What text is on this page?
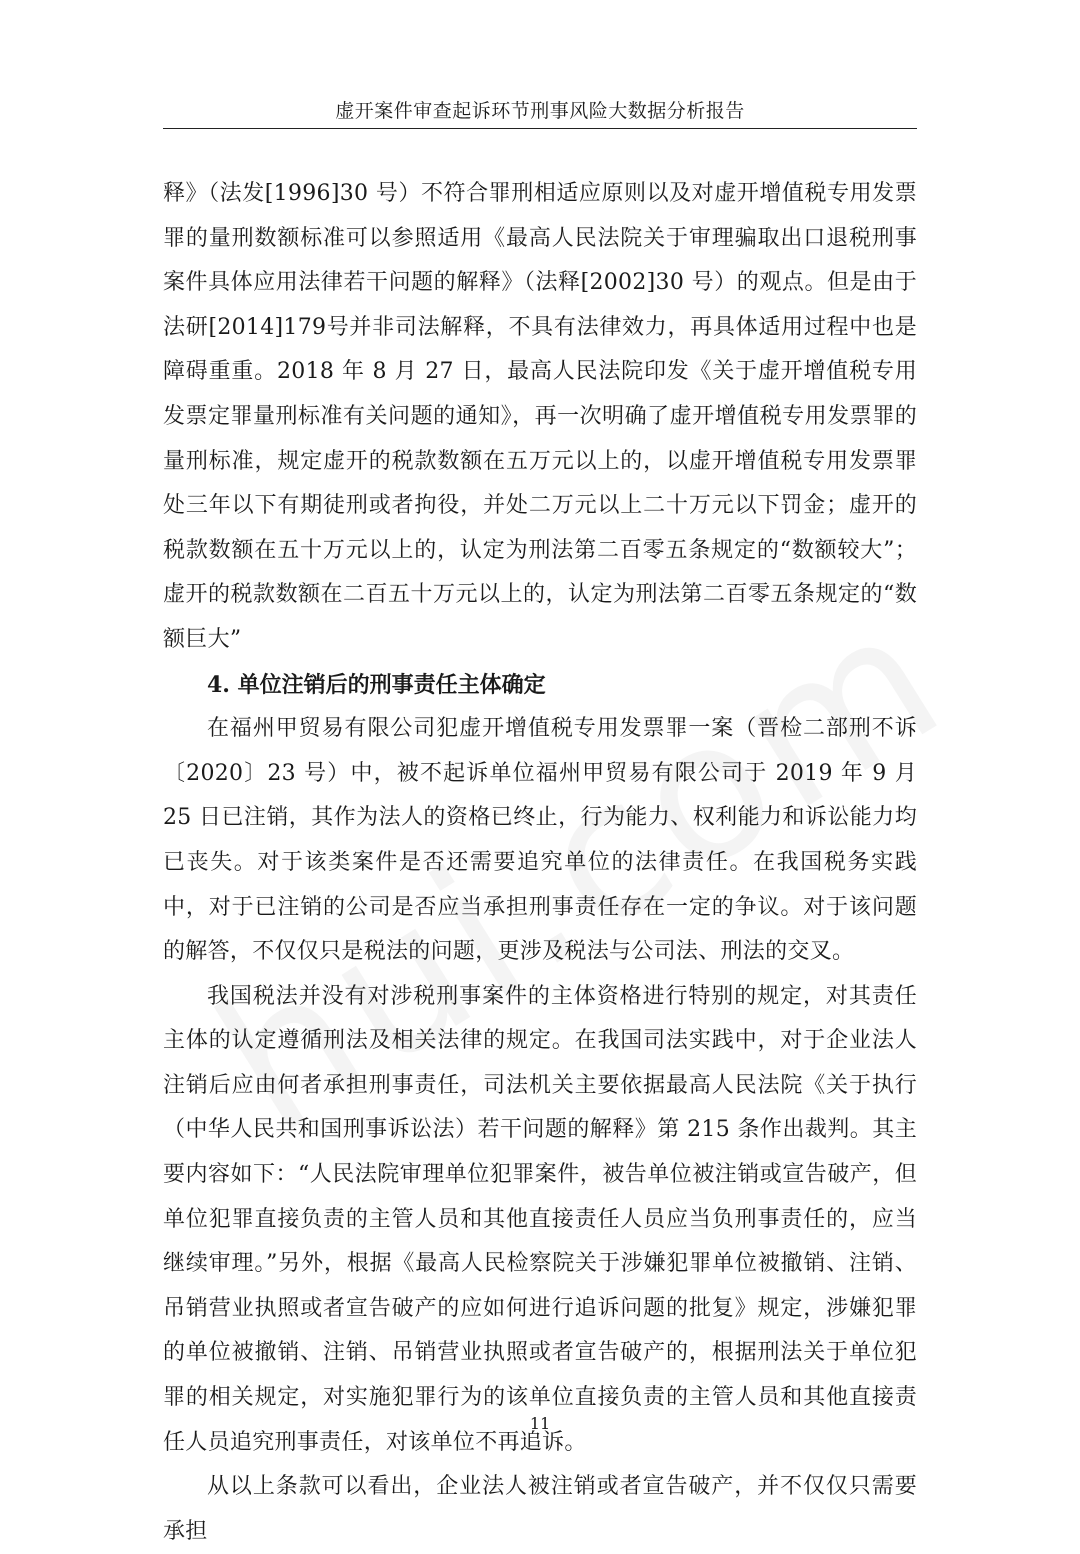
虚开案件审查起诉环节刑事风险大数据分析报告

释》（法发[1996]30 号）不符合罪刑相适应原则以及对虚开增值税专用发票罪的量刑数额标准可以参照适用《最高人民法院关于审理骗取出口退税刑事案件具体应用法律若干问题的解释》（法释[2002]30 号）的观点。但是由于法研[2014]179号并非司法解释，不具有法律效力，再具体适用过程中也是障碍重重。2018 年 8 月 27 日，最高人民法院印发《关于虚开增值税专用发票定罪量刑标准有关问题的通知》，再一次明确了虚开增值税专用发票罪的量刑标准，规定虚开的税款数额在五万元以上的，以虚开增值税专用发票罪处三年以下有期徒刑或者拘役，并处二万元以上二十万元以下罚金；虚开的税款数额在五十万元以上的，认定为刑法第二百零五条规定的“数额较大”；虚开的税款数额在二百五十万元以上的，认定为刑法第二百零五条规定的“数额巨大”

4. 单位注销后的刑事责任主体确定

在福州甲贸易有限公司犯虚开增值税专用发票罪一案（晋检二部刑不诉〔2020〕23 号）中，被不起诉单位福州甲贸易有限公司于 2019 年 9 月 25 日已注销，其作为法人的资格已终止，行为能力、权利能力和诉讼能力均已丧失。对于该类案件是否还需要追究单位的法律责任。在我国税务实践中，对于已注销的公司是否应当承担刑事责任存在一定的争议。对于该问题的解答，不仅仅只是税法的问题，更涉及税法与公司法、刑法的交叉。

我国税法并没有对涉税刑事案件的主体资格进行特别的规定，对其责任主体的认定遵循刑法及相关法律的规定。在我国司法实践中，对于企业法人注销后应由何者承担刑事责任，司法机关主要依据最高人民法院《关于执行（中华人民共和国刑事诉讼法）若干问题的解释》第 215 条作出裁判。其主要内容如下：“人民法院审理单位犯罪案件，被告单位被注销或宣告破产，但单位犯罪直接负责的主管人员和其他直接责任人员应当负刑事责任的，应当继续审理。”另外，根据《最高人民检察院关于涉嫌犯罪单位被撤销、注销、吊销营业执照或者宣告破产的应如何进行追诉问题的批复》规定，涉嫌犯罪的单位被撤销、注销、吊销营业执照或者宣告破产的，根据刑法关于单位犯罪的相关规定，对实施犯罪行为的该单位直接负责的主管人员和其他直接责任人员追究刑事责任，对该单位不再追诉。

从以上条款可以看出，企业法人被注销或者宣告破产，并不仅仅只需要承担

11
